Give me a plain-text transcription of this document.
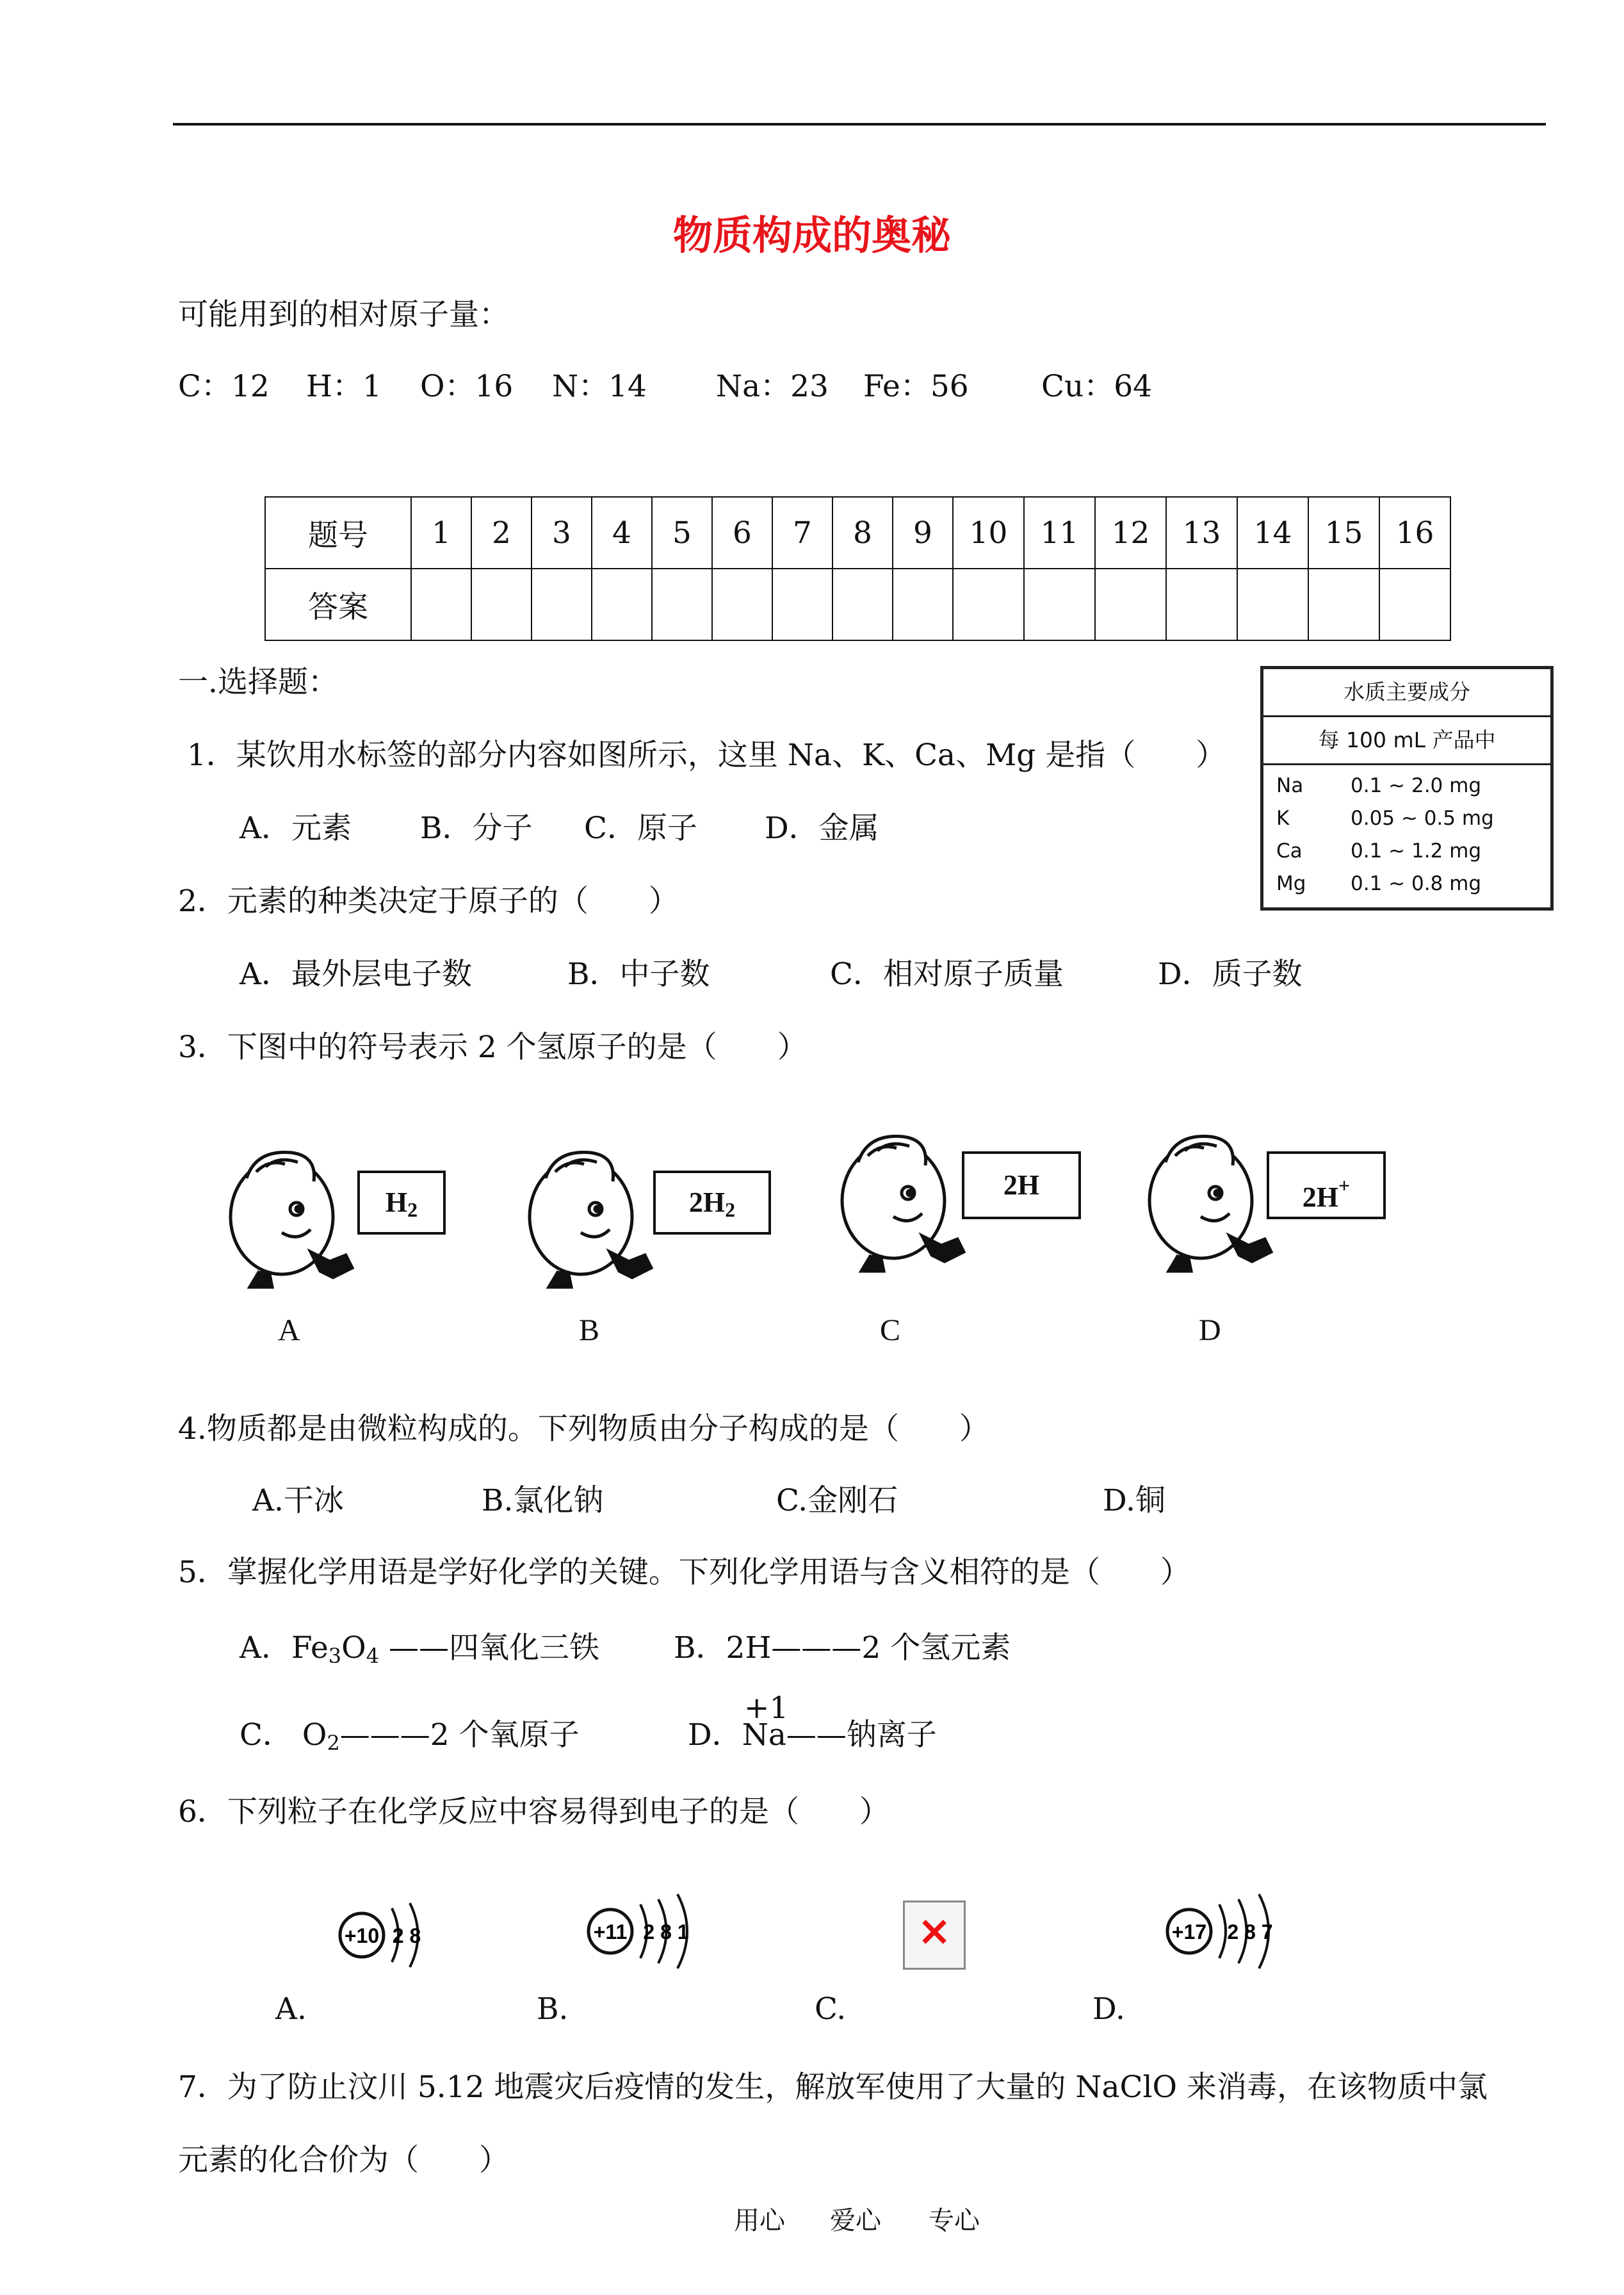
物质构成的奥秘
可能用到的相对原子量：
C：12 H：1 O：16 N：14 Na：23 Fe：56 Cu：64
题号	1	2	3	4	5	6	7	8	9	10	11	12	13	14	15	16
答案																
一.选择题：	水质主要成分
每 100 mL 产品中
Na 0.1 ~ 2.0 mg
K	0.05 ~ 0.5 mg
Ca 0.1 ~ 1.2 mg
Mg 0.1 ~ 0.8 mg
1．某饮用水标签的部分内容如图所示，这里 Na、K、Ca、Mg 是指（　　）
A．元素 B．分子 C．原子 D．金属
2．元素的种类决定于原子的（　　）
A．最外层电子数	B．中子数	C．相对原子质量	D．质子数
3．下图中的符号表示 2 个氢原子的是（　　）
$H_2$
A
$2H_2$
B
2H
C
2H+
D
4.物质都是由微粒构成的。下列物质由分子构成的是（　　）
A.干冰	B.氯化钠	C.金刚石	D.铜
5．掌握化学用语是学好化学的关键。下列化学用语与含义相符的是（　　）
A．$Fe_3O_4$ ——四氧化三铁 B．2H———2 个氢元素
C． $O_2———2$ 个氧原子
+1
D．Na——钠离子
6．下列粒子在化学反应中容易得到电子的是（　　）
+10 2 8
A.
+11 2 8 1
B.
×
C.
+17 2 8 7
D.
7．为了防止汶川 5.12 地震灾后疫情的发生，解放军使用了大量的 NaClO 来消毒，在该物质中氯
元素的化合价为（　　）
用心 爱心 专心
